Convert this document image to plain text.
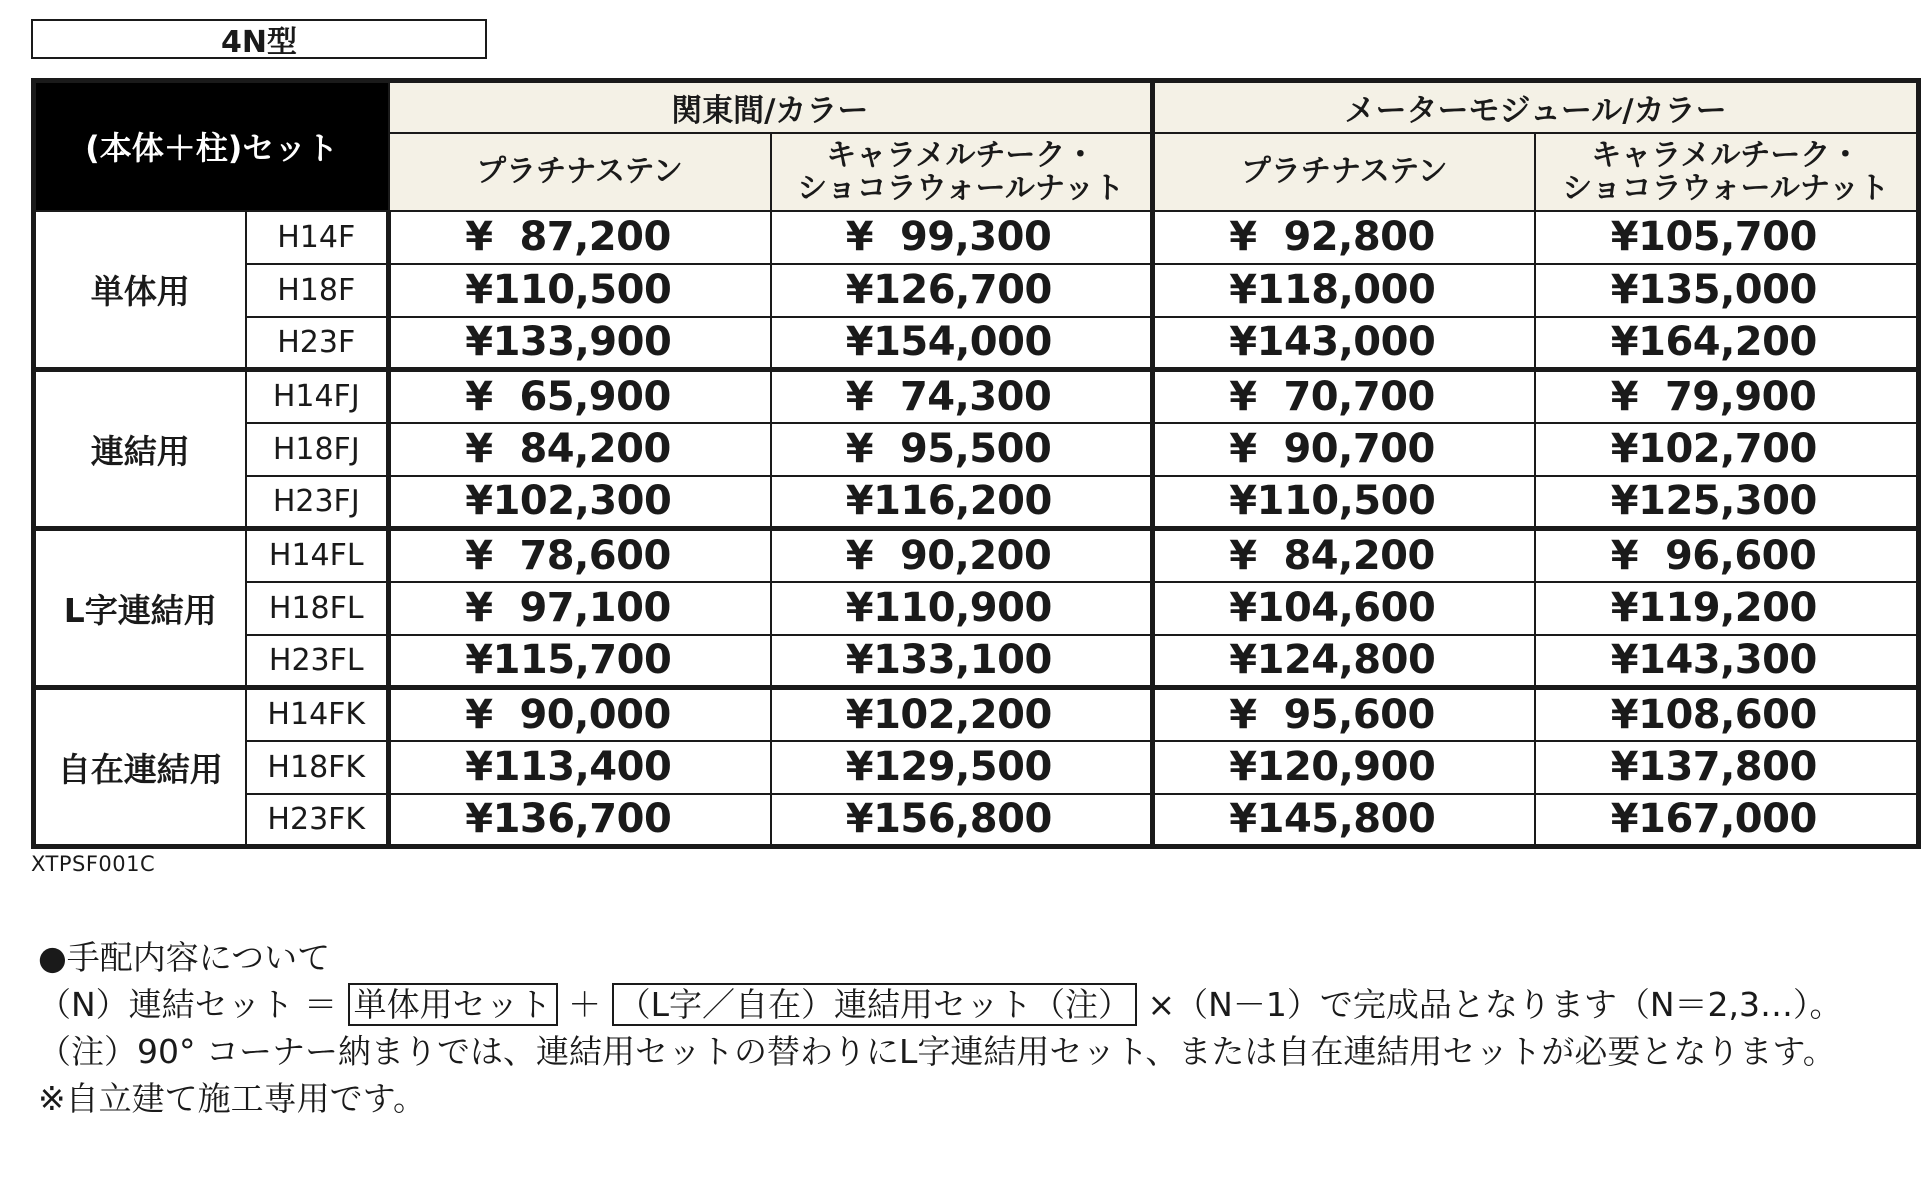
4N型
(本体＋柱)セット		関東間/カラー		メーターモジュール/カラー	
		プラチナステン	キャラメルチーク・
ショコラウォールナット	プラチナステン	キャラメルチーク・
ショコラウォールナット
単体用	H14F	¥  87,200	¥  99,300	¥  92,800	¥105,700
	H18F	¥110,500	¥126,700	¥118,000	¥135,000
	H23F	¥133,900	¥154,000	¥143,000	¥164,200
連結用	H14FJ	¥  65,900	¥  74,300	¥  70,700	¥  79,900
	H18FJ	¥  84,200	¥  95,500	¥  90,700	¥102,700
	H23FJ	¥102,300	¥116,200	¥110,500	¥125,300
L字連結用	H14FL	¥  78,600	¥  90,200	¥  84,200	¥  96,600
	H18FL	¥  97,100	¥110,900	¥104,600	¥119,200
	H23FL	¥115,700	¥133,100	¥124,800	¥143,300
自在連結用	H14FK	¥  90,000	¥102,200	¥  95,600	¥108,600
	H18FK	¥113,400	¥129,500	¥120,900	¥137,800
	H23FK	¥136,700	¥156,800	¥145,800	¥167,000
XTPSF001C
●手配内容について
（N）連結セット ＝ 単体用セット ＋ （L字／自在）連結用セット（注） ×（N－1）で完成品となります（N＝2,3…）。
（注）90° コーナー納まりでは、連結用セットの替わりにL字連結用セット、または自在連結用セットが必要となります。
※自立建て施工専用です。
